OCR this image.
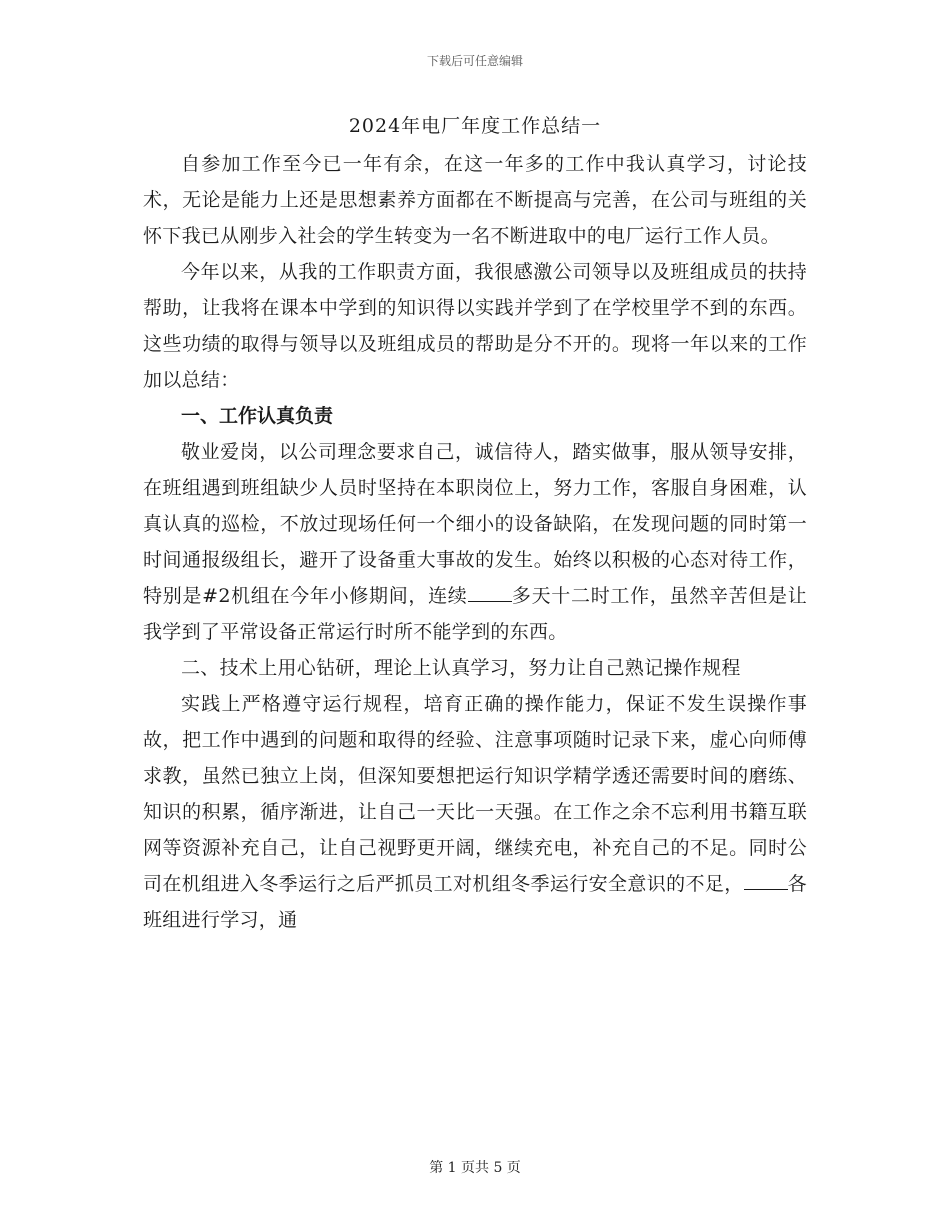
下载后可任意编辑
2024年电厂年度工作总结一

自参加工作至今已一年有余，在这一年多的工作中我认真学习，讨论技术，无论是能力上还是思想素养方面都在不断提高与完善，在公司与班组的关怀下我已从刚步入社会的学生转变为一名不断进取中的电厂运行工作人员。

今年以来，从我的工作职责方面，我很感激公司领导以及班组成员的扶持帮助，让我将在课本中学到的知识得以实践并学到了在学校里学不到的东西。这些功绩的取得与领导以及班组成员的帮助是分不开的。现将一年以来的工作加以总结：

一、工作认真负责

敬业爱岗，以公司理念要求自己，诚信待人，踏实做事，服从领导安排，在班组遇到班组缺少人员时坚持在本职岗位上，努力工作，客服自身困难，认真认真的巡检，不放过现场任何一个细小的设备缺陷，在发现问题的同时第一时间通报级组长，避开了设备重大事故的发生。始终以积极的心态对待工作，特别是#2机组在今年小修期间，连续 多天十二时工作，虽然辛苦但是让我学到了平常设备正常运行时所不能学到的东西。

二、技术上用心钻研，理论上认真学习，努力让自己熟记操作规程

实践上严格遵守运行规程，培育正确的操作能力，保证不发生误操作事故，把工作中遇到的问题和取得的经验、注意事项随时记录下来，虚心向师傅求教，虽然已独立上岗，但深知要想把运行知识学精学透还需要时间的磨练、知识的积累，循序渐进，让自己一天比一天强。在工作之余不忘利用书籍互联网等资源补充自己，让自己视野更开阔，继续充电，补充自己的不足。同时公司在机组进入冬季运行之后严抓员工对机组冬季运行安全意识的不足， 各班组进行学习，通

第 1 页共 5 页
